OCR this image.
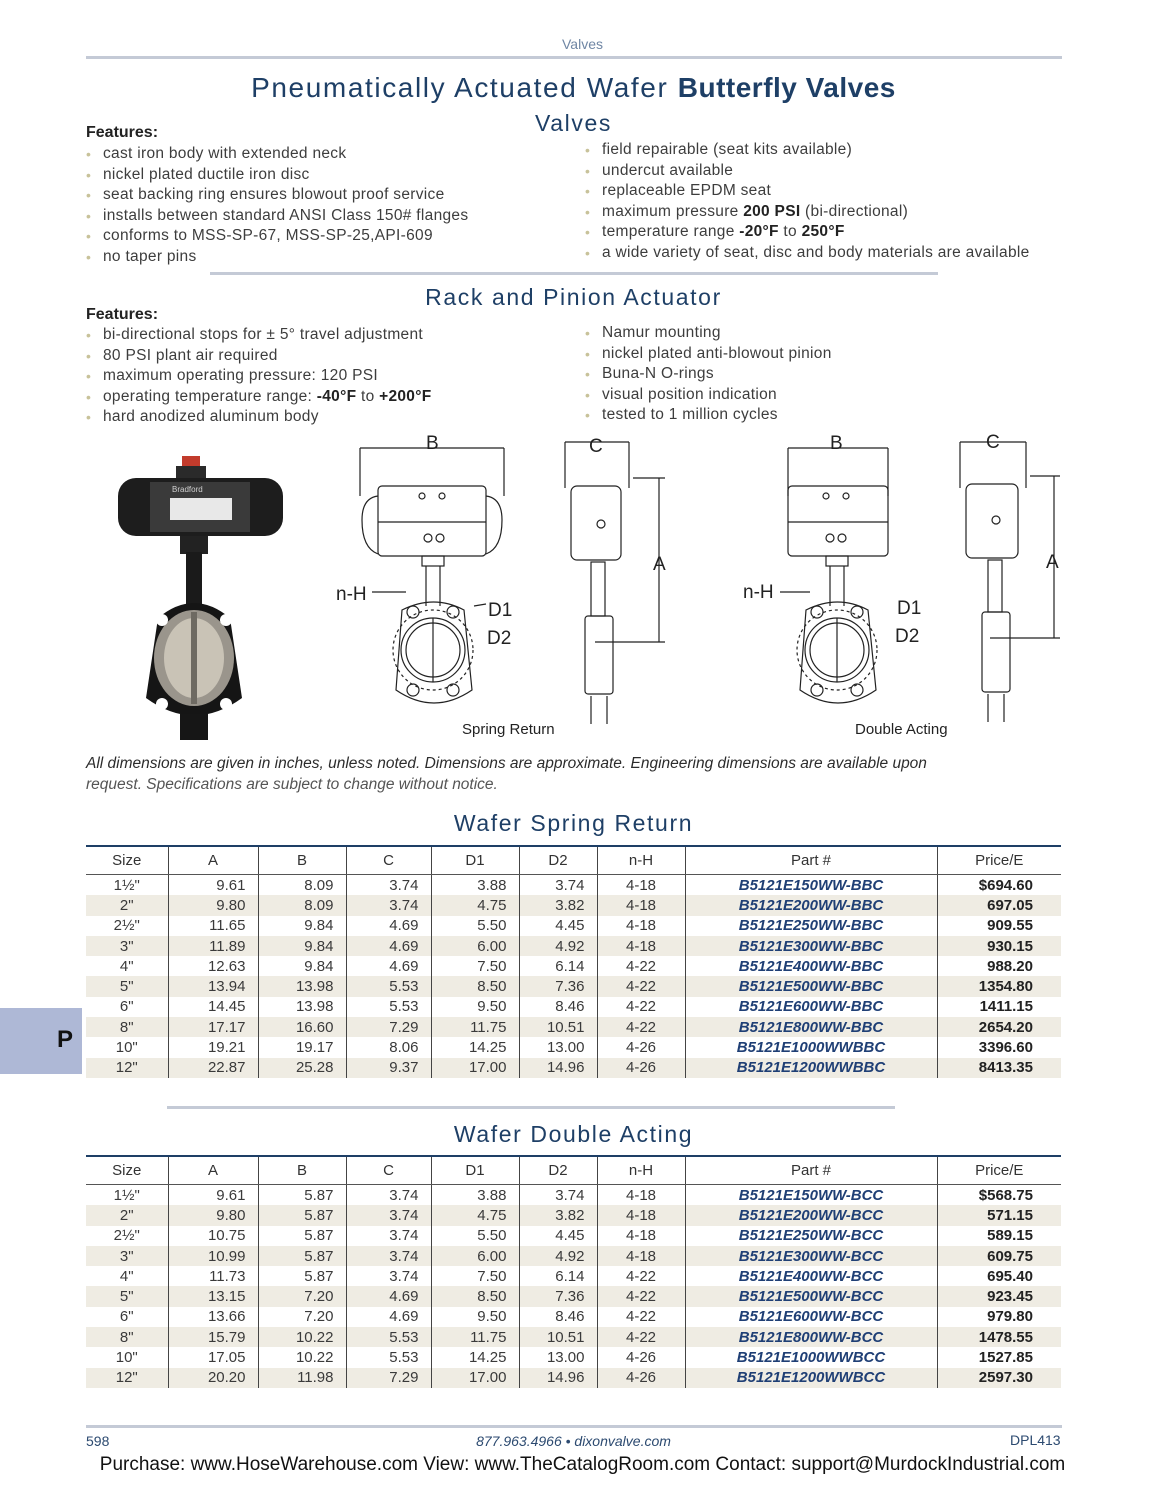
Valves
Pneumatically Actuated Wafer Butterfly Valves
Valves
Features:
• cast iron body with extended neck
• nickel plated ductile iron disc
• seat backing ring ensures blowout proof service
• installs between standard ANSI Class 150# flanges
• conforms to MSS-SP-67, MSS-SP-25,API-609
• no taper pins
• field repairable (seat kits available)
• undercut available
• replaceable EPDM seat
• maximum pressure 200 PSI (bi-directional)
• temperature range -20°F to 250°F
• a wide variety of seat, disc and body materials are available
Rack and Pinion Actuator
Features:
• bi-directional stops for ± 5° travel adjustment
• 80 PSI plant air required
• maximum operating pressure: 120 PSI
• operating temperature range: -40°F to +200°F
• hard anodized aluminum body
• Namur mounting
• nickel plated anti-blowout pinion
• Buna-N O-rings
• visual position indication
• tested to 1 million cycles
Bradford
B
n-H
D1
D2
C
A
B
n-H
D1
D2
C
A
Spring Return	Double Acting
All dimensions are given in inches, unless noted. Dimensions are approximate. Engineering dimensions are available upon
request. Specifications are subject to change without notice.
Wafer Spring Return
Size	A	B	C	D1	D2	n-H	Part #	Price/E
1½"	9.61	8.09	3.74	3.88	3.74	4-18	B5121E150WW-BBC	$694.60
2"	9.80	8.09	3.74	4.75	3.82	4-18	B5121E200WW-BBC	697.05
2½"	11.65	9.84	4.69	5.50	4.45	4-18	B5121E250WW-BBC	909.55
3"	11.89	9.84	4.69	6.00	4.92	4-18	B5121E300WW-BBC	930.15
4"	12.63	9.84	4.69	7.50	6.14	4-22	B5121E400WW-BBC	988.20
5"	13.94	13.98	5.53	8.50	7.36	4-22	B5121E500WW-BBC	1354.80
6"	14.45	13.98	5.53	9.50	8.46	4-22	B5121E600WW-BBC	1411.15
8"	17.17	16.60	7.29	11.75	10.51	4-22	B5121E800WW-BBC	2654.20
10"	19.21	19.17	8.06	14.25	13.00	4-26	B5121E1000WWBBC	3396.60
12"	22.87	25.28	9.37	17.00	14.96	4-26	B5121E1200WWBBC	8413.35
Wafer Double Acting
Size	A	B	C	D1	D2	n-H	Part #	Price/E
1½"	9.61	5.87	3.74	3.88	3.74	4-18	B5121E150WW-BCC	$568.75
2"	9.80	5.87	3.74	4.75	3.82	4-18	B5121E200WW-BCC	571.15
2½"	10.75	5.87	3.74	5.50	4.45	4-18	B5121E250WW-BCC	589.15
3"	10.99	5.87	3.74	6.00	4.92	4-18	B5121E300WW-BCC	609.75
4"	11.73	5.87	3.74	7.50	6.14	4-22	B5121E400WW-BCC	695.40
5"	13.15	7.20	4.69	8.50	7.36	4-22	B5121E500WW-BCC	923.45
6"	13.66	7.20	4.69	9.50	8.46	4-22	B5121E600WW-BCC	979.80
8"	15.79	10.22	5.53	11.75	10.51	4-22	B5121E800WW-BCC	1478.55
10"	17.05	10.22	5.53	14.25	13.00	4-26	B5121E1000WWBCC	1527.85
12"	20.20	11.98	7.29	17.00	14.96	4-26	B5121E1200WWBCC	2597.30
P
598	877.963.4966 • dixonvalve.com	DPL413
Purchase: www.HoseWarehouse.com View: www.TheCatalogRoom.com Contact: support@MurdockIndustrial.com
